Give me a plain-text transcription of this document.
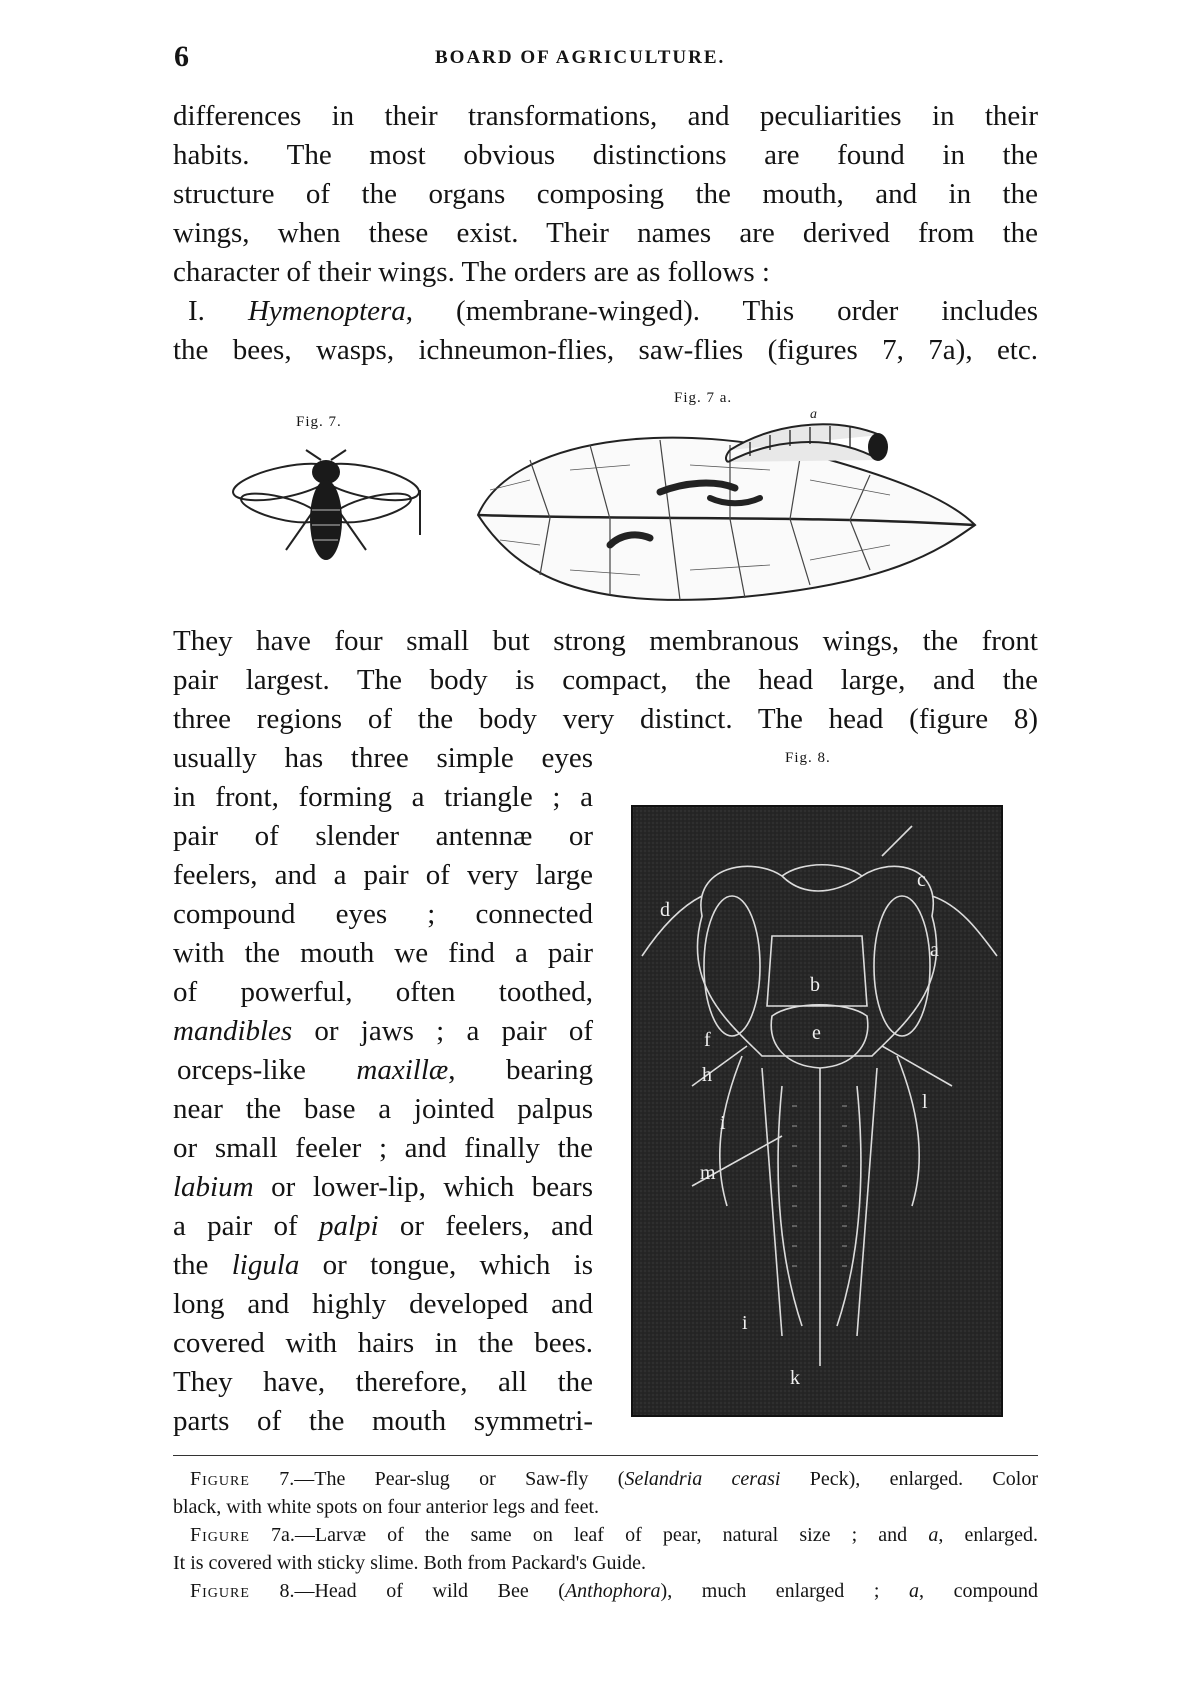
6	BOARD OF AGRICULTURE.
differences in their transformations, and peculiarities in their
habits. The most obvious distinctions are found in the
structure of the organs composing the mouth, and in the
wings, when these exist. Their names are derived from the
character of their wings. The orders are as follows :
I. Hymenoptera, (membrane-winged). This order includes
the bees, wasps, ichneumon-flies, saw-flies (figures 7, 7a), etc.
Fig. 7.
Fig. 7 a.
a
They have four small but strong membranous wings, the front
pair largest. The body is compact, the head large, and the
three regions of the body very distinct. The head (figure 8)
usually has three simple eyes
in front, forming a triangle ; a
pair of slender antennæ or
feelers, and a pair of very large
compound eyes ; connected
with the mouth we find a pair
of powerful, often toothed,
mandibles or jaws ; a pair of
orceps-like maxillæ, bearing
near the base a jointed palpus
or small feeler ; and finally the
labium or lower-lip, which bears
a pair of palpi or feelers, and
the ligula or tongue, which is
long and highly developed and
covered with hairs in the bees.
They have, therefore, all the
parts of the mouth symmetri-
Fig. 8.
c
d
a
b
f	e
h
l
i
m
i
k
Figure 7.—The Pear-slug or Saw-fly (Selandria cerasi Peck), enlarged. Color
black, with white spots on four anterior legs and feet.
Figure 7a.—Larvæ of the same on leaf of pear, natural size ; and a, enlarged.
It is covered with sticky slime. Both from Packard's Guide.
Figure 8.—Head of wild Bee (Anthophora), much enlarged ; a, compound
